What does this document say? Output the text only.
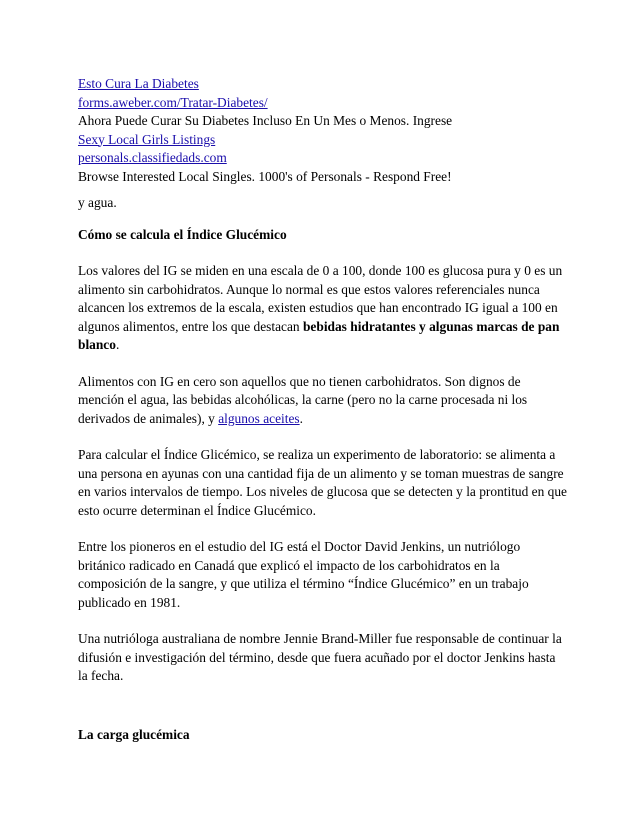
Esto Cura La Diabetes
forms.aweber.com/Tratar-Diabetes/
Ahora Puede Curar Su Diabetes Incluso En Un Mes o Menos. Ingrese
Sexy Local Girls Listings
personals.classifiedads.com
Browse Interested Local Singles. 1000's of Personals - Respond Free!

y agua.

Cómo se calcula el Índice Glucémico

Los valores del IG se miden en una escala de 0 a 100, donde 100 es glucosa pura y 0 es un alimento sin carbohidratos. Aunque lo normal es que estos valores referenciales nunca alcancen los extremos de la escala, existen estudios que han encontrado IG igual a 100 en algunos alimentos, entre los que destacan bebidas hidratantes y algunas marcas de pan blanco.

Alimentos con IG en cero son aquellos que no tienen carbohidratos. Son dignos de mención el agua, las bebidas alcohólicas, la carne (pero no la carne procesada ni los derivados de animales), y algunos aceites.

Para calcular el Índice Glicémico, se realiza un experimento de laboratorio: se alimenta a una persona en ayunas con una cantidad fija de un alimento y se toman muestras de sangre en varios intervalos de tiempo. Los niveles de glucosa que se detecten y la prontitud en que esto ocurre determinan el Índice Glucémico.

Entre los pioneros en el estudio del IG está el Doctor David Jenkins, un nutriólogo británico radicado en Canadá que explicó el impacto de los carbohidratos en la composición de la sangre, y que utiliza el término “Índice Glucémico” en un trabajo publicado en 1981.

Una nutrióloga australiana de nombre Jennie Brand-Miller fue responsable de continuar la difusión e investigación del término, desde que fuera acuñado por el doctor Jenkins hasta la fecha.

La carga glucémica
